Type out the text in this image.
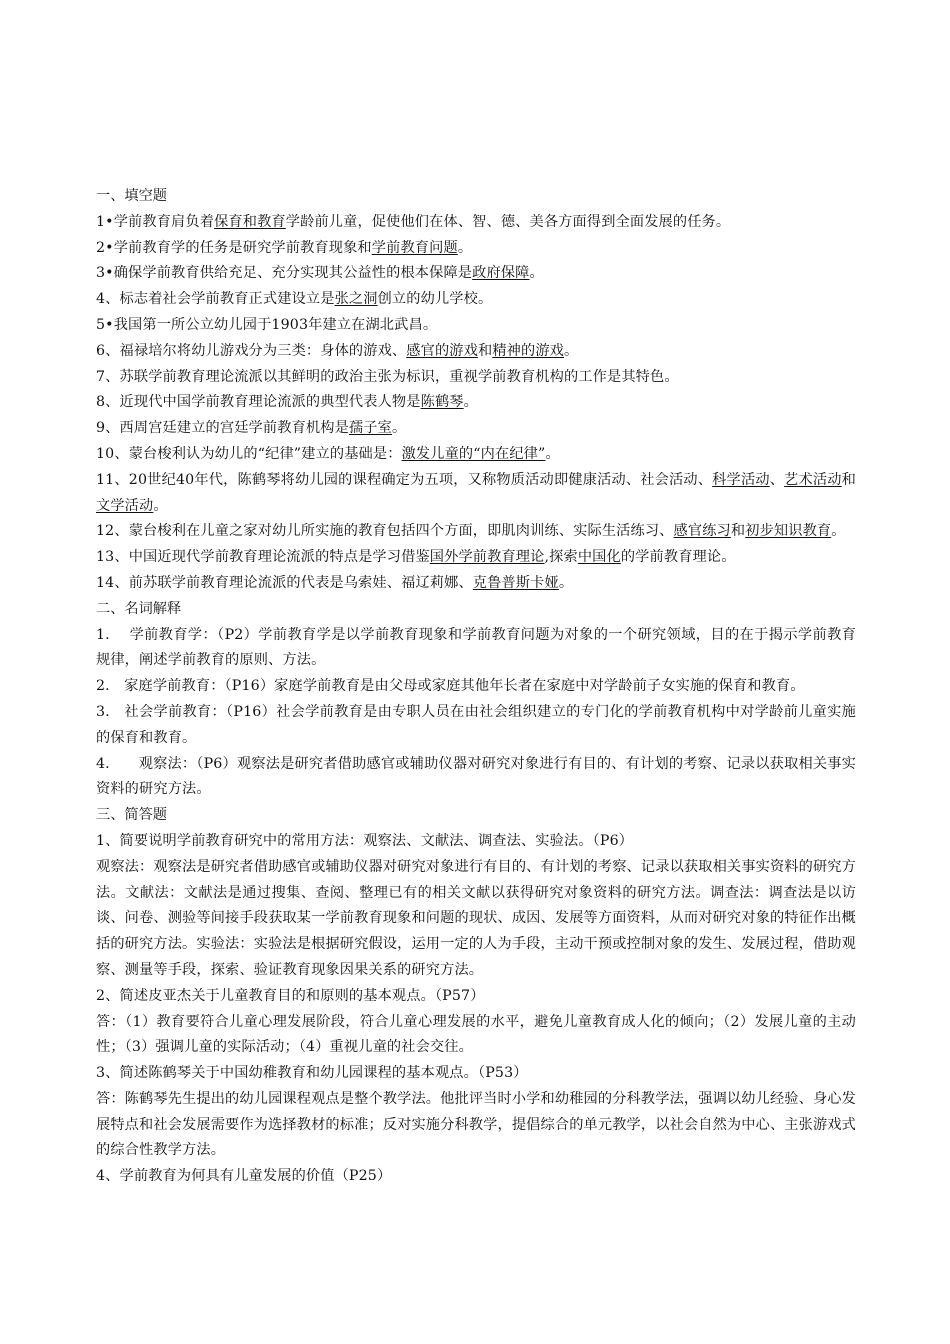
一、填空题
1•学前教育肩负着保育和教育学龄前儿童，促使他们在体、智、德、美各方面得到全面发展的任务。
2•学前教育学的任务是研究学前教育现象和学前教育问题。
3•确保学前教育供给充足、充分实现其公益性的根本保障是政府保障。
4、标志着社会学前教育正式建设立是张之洞创立的幼儿学校。
5•我国第一所公立幼儿园于1903年建立在湖北武昌。
6、福禄培尔将幼儿游戏分为三类：身体的游戏、感官的游戏和精神的游戏。
7、苏联学前教育理论流派以其鲜明的政治主张为标识，重视学前教育机构的工作是其特色。
8、近现代中国学前教育理论流派的典型代表人物是陈鹤琴。
9、西周宫廷建立的宫廷学前教育机构是孺子室。
10、蒙台梭利认为幼儿的“纪律”建立的基础是：激发儿童的“内在纪律”。
11、20世纪40年代，陈鹤琴将幼儿园的课程确定为五项，又称物质活动即健康活动、社会活动、科学活动、艺术活动和文学活动。
12、蒙台梭利在儿童之家对幼儿所实施的教育包括四个方面，即肌肉训练、实际生活练习、感官练习和初步知识教育。
13、中国近现代学前教育理论流派的特点是学习借鉴国外学前教育理论,探索中国化的学前教育理论。
14、前苏联学前教育理论流派的代表是乌索娃、福辽莉娜、克鲁普斯卡娅。
二、名词解释
1.　 学前教育学：（P2）学前教育学是以学前教育现象和学前教育问题为对象的一个研究领域，目的在于揭示学前教育规律，阐述学前教育的原则、方法。
2.　家庭学前教育：（P16）家庭学前教育是由父母或家庭其他年长者在家庭中对学龄前子女实施的保育和教育。
3.　社会学前教育：（P16）社会学前教育是由专职人员在由社会组织建立的专门化的学前教育机构中对学龄前儿童实施的保育和教育。
4.　　观察法：（P6）观察法是研究者借助感官或辅助仪器对研究对象进行有目的、有计划的考察、记录以获取相关事实资料的研究方法。
三、简答题
1、简要说明学前教育研究中的常用方法：观察法、文献法、调查法、实验法。（P6）
观察法：观察法是研究者借助感官或辅助仪器对研究对象进行有目的、有计划的考察、记录以获取相关事实资料的研究方法。文献法：文献法是通过搜集、查阅、整理已有的相关文献以获得研究对象资料的研究方法。调查法：调查法是以访谈、问卷、测验等间接手段获取某一学前教育现象和问题的现状、成因、发展等方面资料，从而对研究对象的特征作出概括的研究方法。实验法：实验法是根据研究假设，运用一定的人为手段，主动干预或控制对象的发生、发展过程，借助观察、测量等手段，探索、验证教育现象因果关系的研究方法。
2、简述皮亚杰关于儿童教育目的和原则的基本观点。（P57）
答：（1）教育要符合儿童心理发展阶段，符合儿童心理发展的水平，避免儿童教育成人化的倾向；（2）发展儿童的主动性；（3）强调儿童的实际活动；（4）重视儿童的社会交往。
3、简述陈鹤琴关于中国幼稚教育和幼儿园课程的基本观点。（P53）
答：陈鹤琴先生提出的幼儿园课程观点是整个教学法。他批评当时小学和幼稚园的分科教学法，强调以幼儿经验、身心发展特点和社会发展需要作为选择教材的标准；反对实施分科教学，提倡综合的单元教学，以社会自然为中心、主张游戏式的综合性教学方法。
4、学前教育为何具有儿童发展的价值（P25）
